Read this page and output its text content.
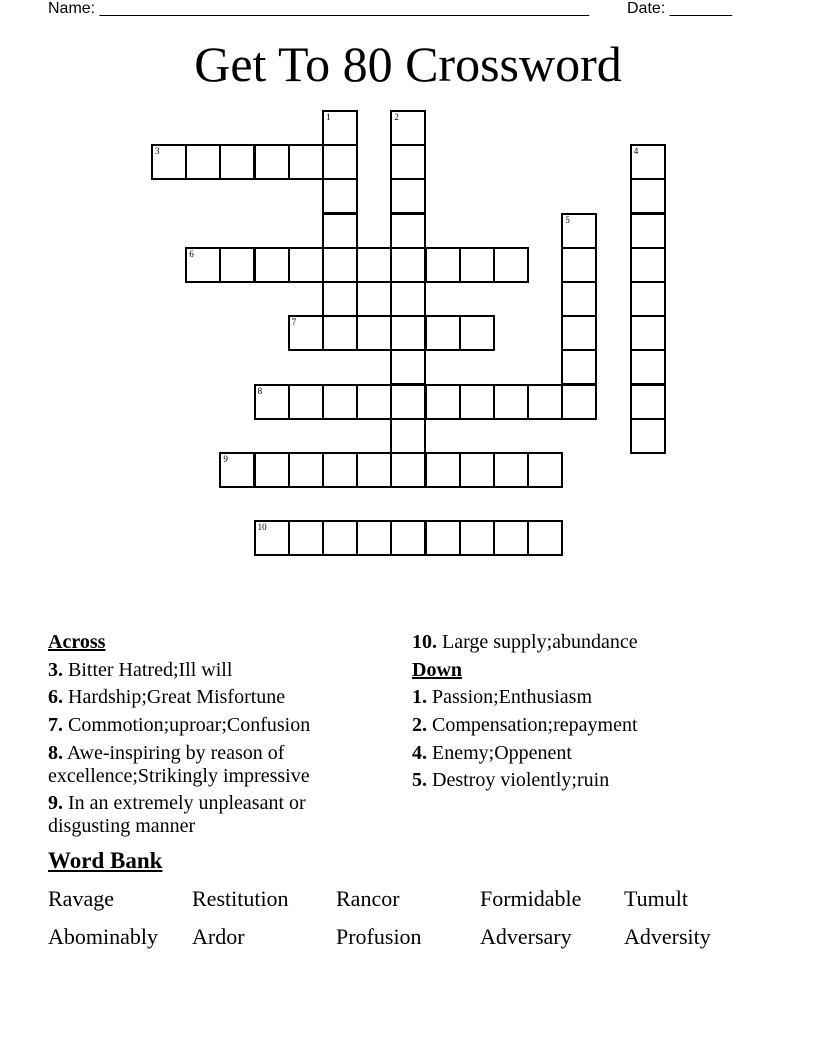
Name: _______________________________________________________ Date: _______
Get To 80 Crossword
1	2
3	4
5
6
7
8
9
10
Across
3. Bitter Hatred;Ill will
6. Hardship;Great Misfortune
7. Commotion;uproar;Confusion
8. Awe-inspiring by reason of excellence;Strikingly impressive
9. In an extremely unpleasant or disgusting manner
10. Large supply;abundance
Down
1. Passion;Enthusiasm
2. Compensation;repayment
4. Enemy;Oppenent
5. Destroy violently;ruin
Word Bank
Ravage	Restitution Rancor	Formidable Tumult
Abominably Ardor	Profusion	Adversary Adversity
